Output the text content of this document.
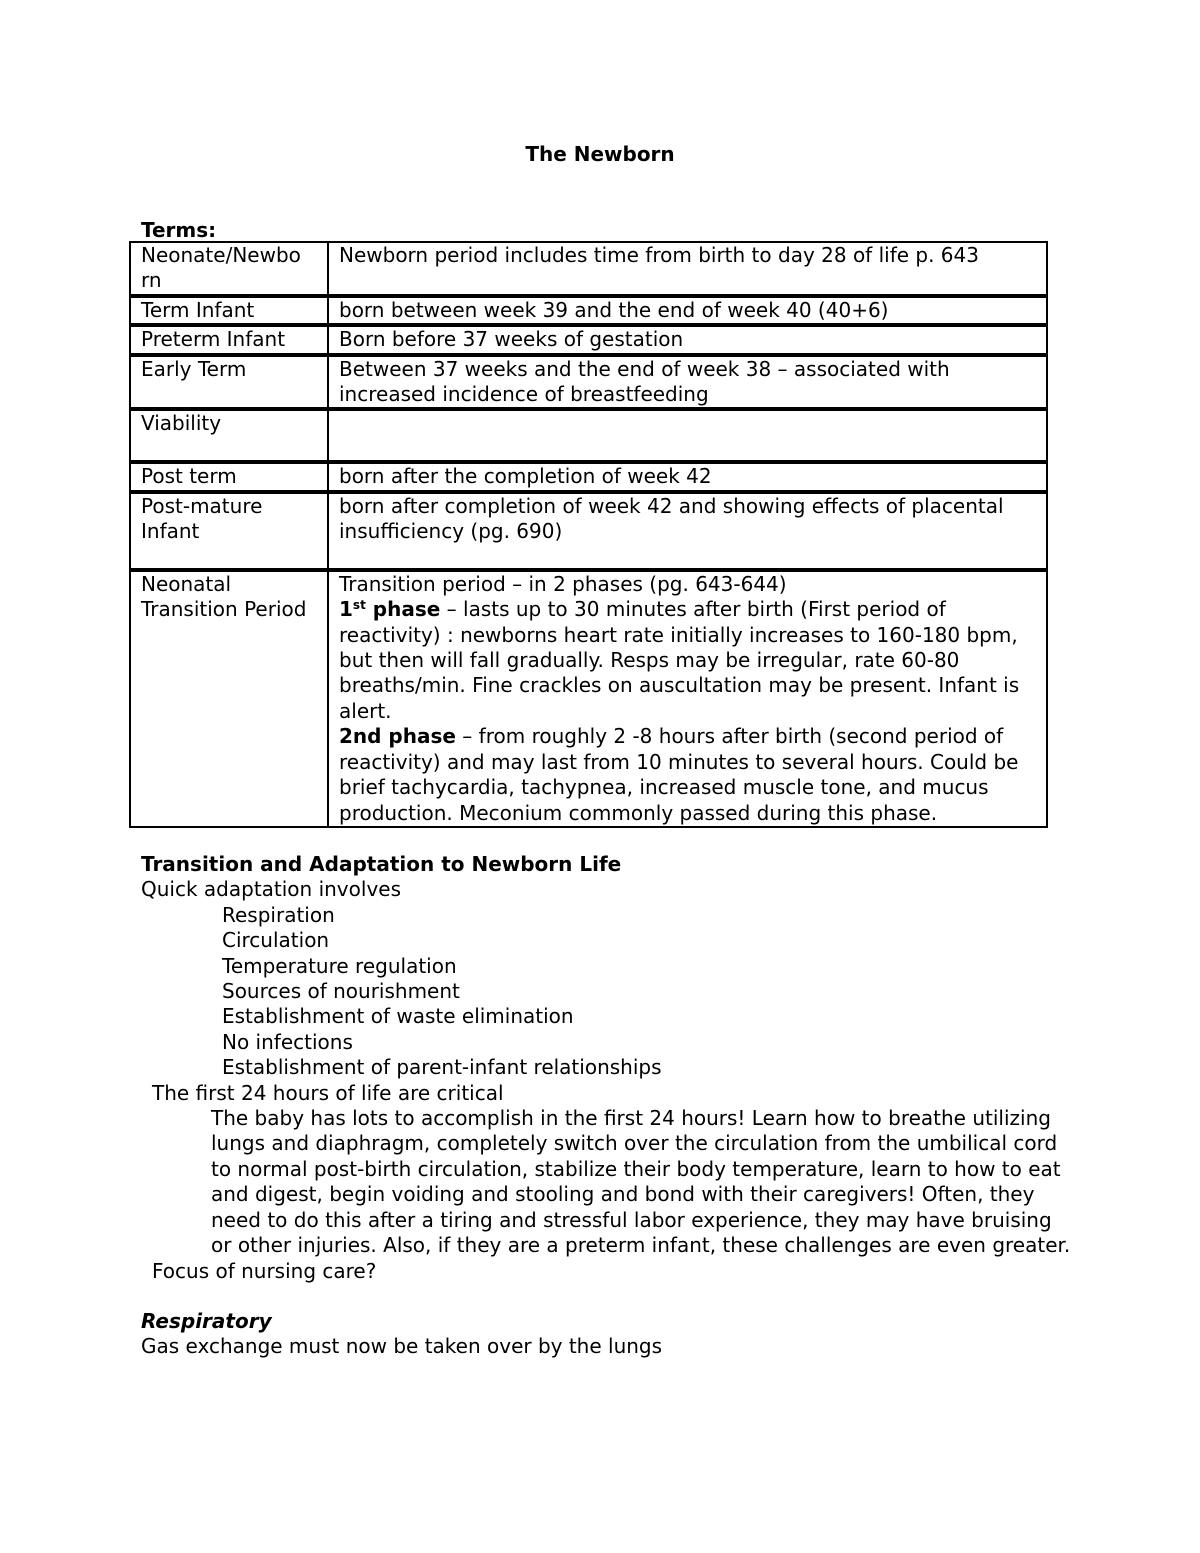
The Newborn
Terms:
Neonate/Newbo rn	Newborn period includes time from birth to day 28 of life p. 643
Term Infant	born between week 39 and the end of week 40 (40+6)
Preterm Infant	Born before 37 weeks of gestation
Early Term	Between 37 weeks and the end of week 38 – associated with increased incidence of breastfeeding
Viability	
Post term	born after the completion of week 42
Post-mature Infant	born after completion of week 42 and showing effects of placental insufficiency (pg. 690)
Neonatal Transition Period	Transition period – in 2 phases (pg. 643-644)
1st phase – lasts up to 30 minutes after birth (First period of reactivity) : newborns heart rate initially increases to 160-180 bpm, but then will fall gradually. Resps may be irregular, rate 60-80 breaths/min. Fine crackles on auscultation may be present. Infant is alert.
2nd phase – from roughly 2 -8 hours after birth (second period of reactivity) and may last from 10 minutes to several hours. Could be brief tachycardia, tachypnea, increased muscle tone, and mucus production. Meconium commonly passed during this phase.

Transition and Adaptation to Newborn Life

Quick adaptation involves

Respiration

Circulation

Temperature regulation

Sources of nourishment

Establishment of waste elimination

No infections

Establishment of parent-infant relationships

The first 24 hours of life are critical

The baby has lots to accomplish in the first 24 hours! Learn how to breathe utilizing lungs and diaphragm, completely switch over the circulation from the umbilical cord to normal post-birth circulation, stabilize their body temperature, learn to how to eat and digest, begin voiding and stooling and bond with their caregivers! Often, they need to do this after a tiring and stressful labor experience, they may have bruising or other injuries. Also, if they are a preterm infant, these challenges are even greater.

Focus of nursing care?

Respiratory

Gas exchange must now be taken over by the lungs
